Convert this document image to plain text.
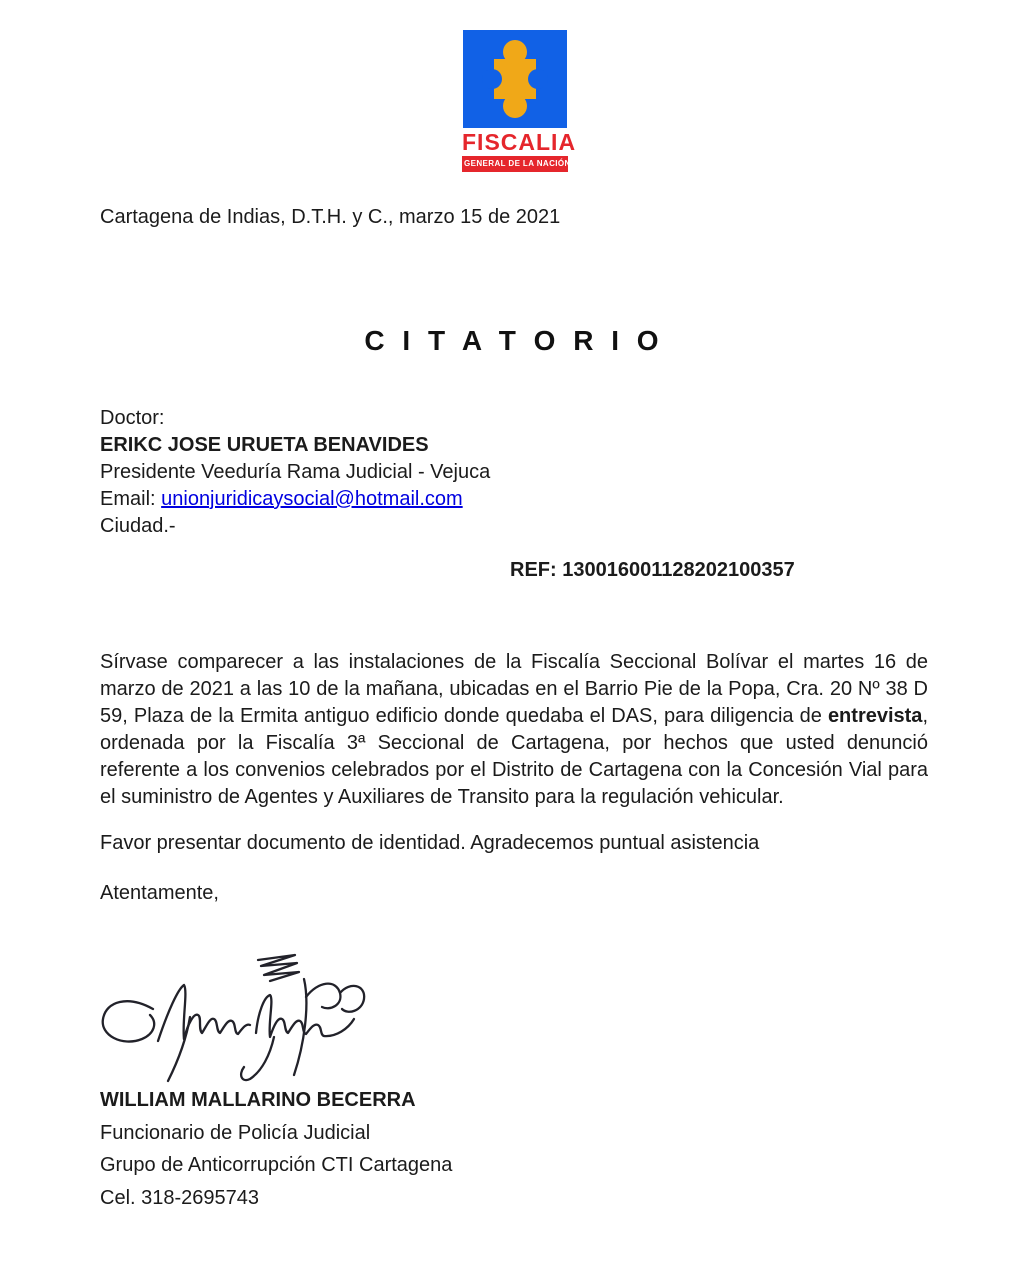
FISCALIA
GENERAL DE LA NACIÓN

Cartagena de Indias, D.T.H. y C., marzo 15 de 2021

C I T A T O R I O

Doctor:

ERIKC JOSE URUETA BENAVIDES

Presidente Veeduría Rama Judicial - Vejuca

Email: unionjuridicaysocial@hotmail.com

Ciudad.-

REF: 130016001128202100357

Sírvase comparecer a las instalaciones de la Fiscalía Seccional Bolívar el martes 16 de marzo de 2021 a las 10 de la mañana, ubicadas en el Barrio Pie de la Popa, Cra. 20 Nº 38 D 59, Plaza de la Ermita antiguo edificio donde quedaba el DAS, para diligencia de entrevista, ordenada por la Fiscalía 3ª Seccional de Cartagena, por hechos que usted denunció referente a los convenios celebrados por el Distrito de Cartagena con la Concesión Vial para el suministro de Agentes y Auxiliares de Transito para la regulación vehicular.

Favor presentar documento de identidad. Agradecemos puntual asistencia

Atentamente,

WILLIAM MALLARINO BECERRA

Funcionario de Policía Judicial

Grupo de Anticorrupción CTI Cartagena

Cel. 318-2695743
